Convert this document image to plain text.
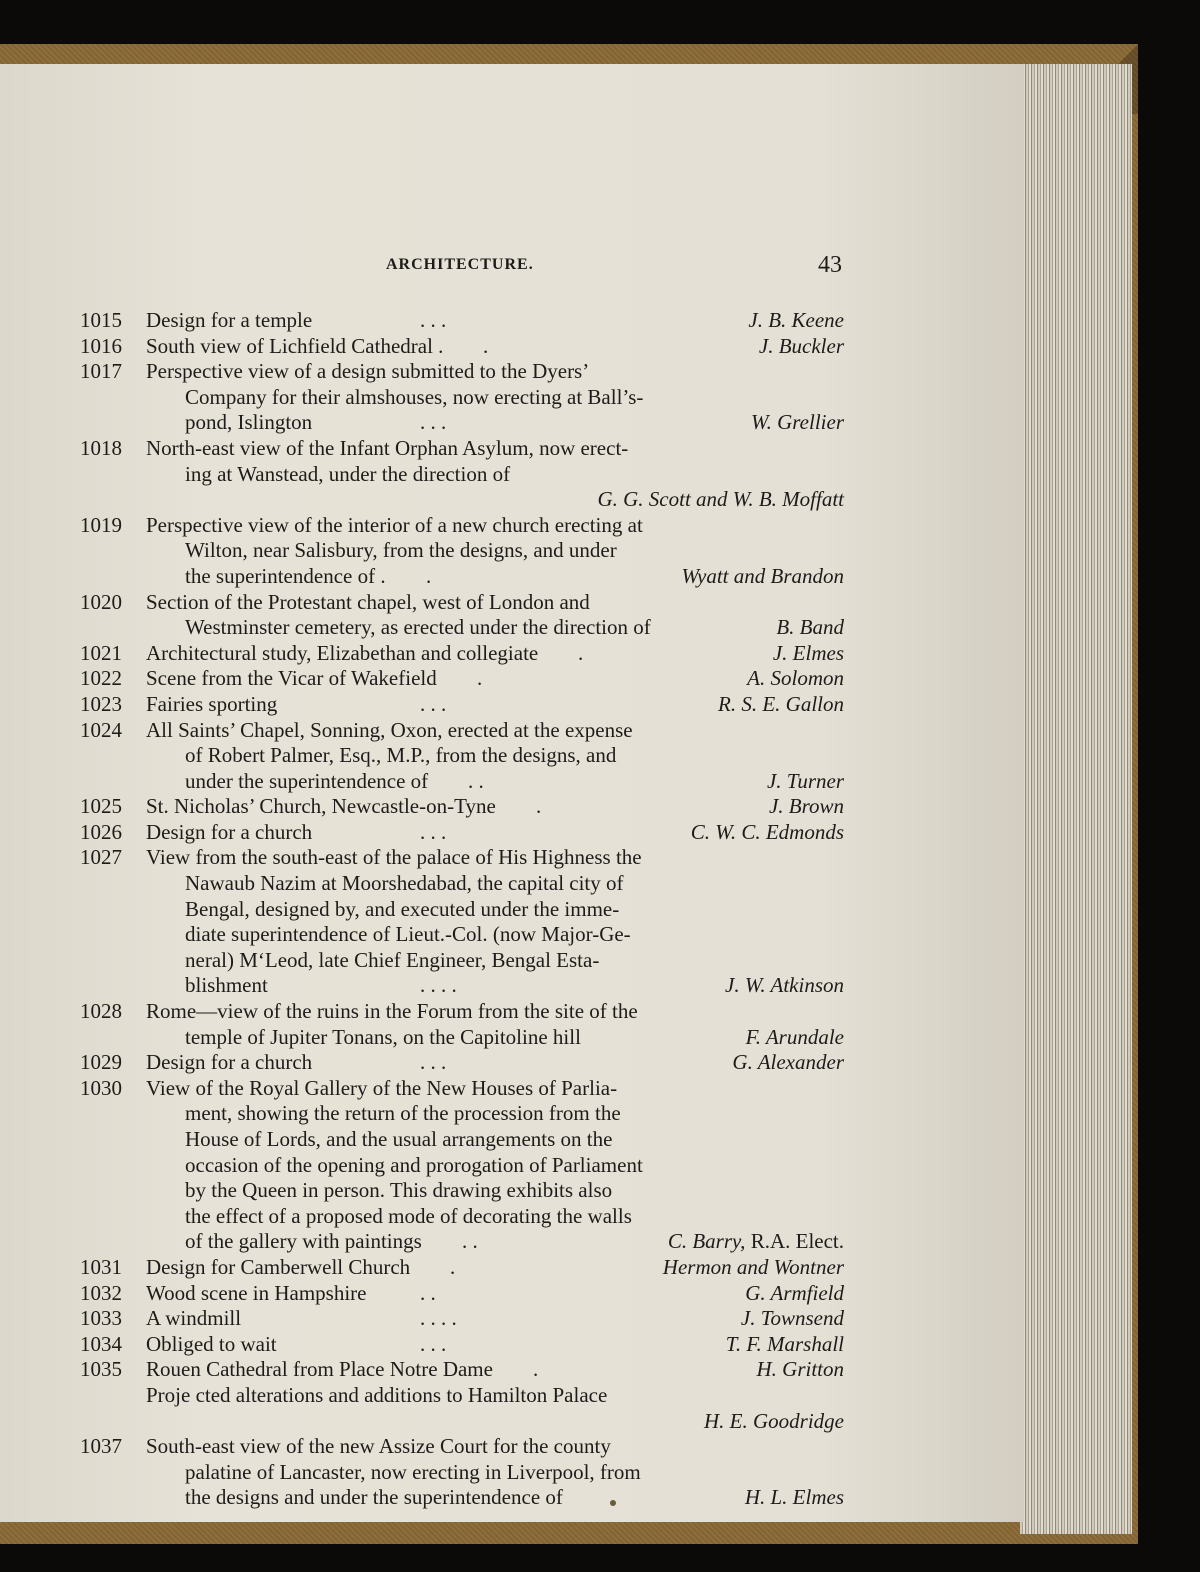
ARCHITECTURE.	43
1015 Design for a temple	. . .	J. B. Keene
1016 South view of Lichfield Cathedral . .	J. Buckler
1017 Perspective view of a design submitted to the Dyers’
Company for their almshouses, now erecting at Ball’s-
pond, Islington	. . .	W. Grellier
1018 North-east view of the Infant Orphan Asylum, now erect-
ing at Wanstead, under the direction of
G. G. Scott and W. B. Moffatt
1019 Perspective view of the interior of a new church erecting at
Wilton, near Salisbury, from the designs, and under
the superintendence of . .	Wyatt and Brandon
1020 Section of the Protestant chapel, west of London and
Westminster cemetery, as erected under the direction of	B. Band
1021 Architectural study, Elizabethan and collegiate .	J. Elmes
1022 Scene from the Vicar of Wakefield .	A. Solomon
1023 Fairies sporting	. . .	R. S. E. Gallon
1024 All Saints’ Chapel, Sonning, Oxon, erected at the expense
of Robert Palmer, Esq., M.P., from the designs, and
under the superintendence of . .	J. Turner
1025 St. Nicholas’ Church, Newcastle-on-Tyne .	J. Brown
1026 Design for a church	. . .	C. W. C. Edmonds
1027 View from the south-east of the palace of His Highness the
Nawaub Nazim at Moorshedabad, the capital city of
Bengal, designed by, and executed under the imme-
diate superintendence of Lieut.-Col. (now Major-Ge-
neral) M‘Leod, late Chief Engineer, Bengal Esta-
blishment	. . . .	J. W. Atkinson
1028 Rome—view of the ruins in the Forum from the site of the
temple of Jupiter Tonans, on the Capitoline hill	F. Arundale
1029 Design for a church	. . .	G. Alexander
1030 View of the Royal Gallery of the New Houses of Parlia-
ment, showing the return of the procession from the
House of Lords, and the usual arrangements on the
occasion of the opening and prorogation of Parliament
by the Queen in person. This drawing exhibits also
the effect of a proposed mode of decorating the walls
of the gallery with paintings . .	C. Barry, R.A. Elect.
1031 Design for Camberwell Church .	Hermon and Wontner
1032 Wood scene in Hampshire	. .	G. Armfield
1033 A windmill	. . . .	J. Townsend
1034 Obliged to wait	. . .	T. F. Marshall
1035 Rouen Cathedral from Place Notre Dame .	H. Gritton
Proje cted alterations and additions to Hamilton Palace
H. E. Goodridge
1037 South-east view of the new Assize Court for the county
palatine of Lancaster, now erecting in Liverpool, from
the designs and under the superintendence of	H. L. Elmes
